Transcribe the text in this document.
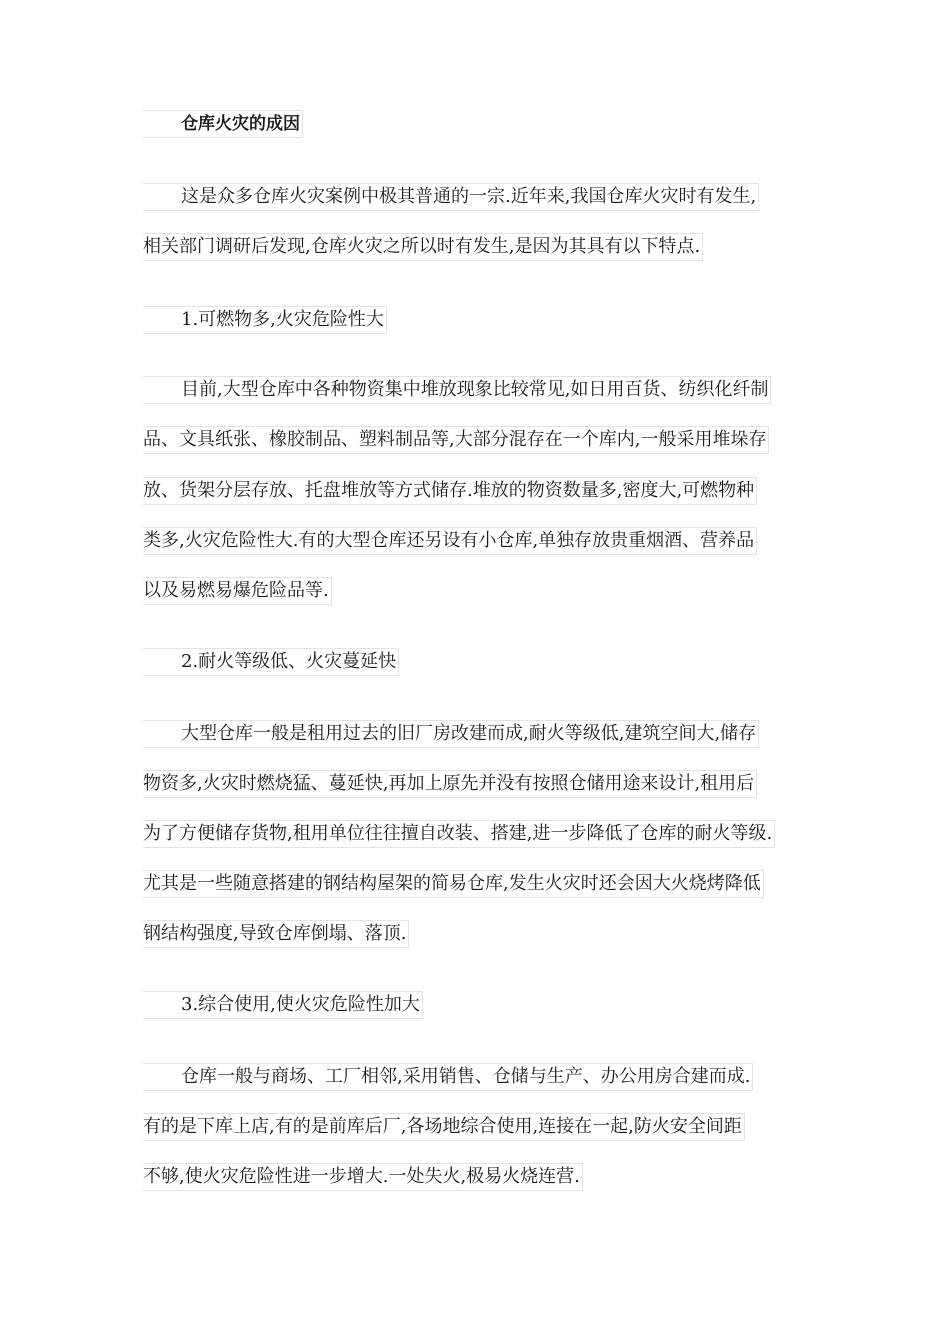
仓库火灾的成因
这是众多仓库火灾案例中极其普通的一宗.近年来,我国仓库火灾时有发生,
相关部门调研后发现,仓库火灾之所以时有发生,是因为其具有以下特点.
1.可燃物多,火灾危险性大
目前,大型仓库中各种物资集中堆放现象比较常见,如日用百货、纺织化纤制
品、文具纸张、橡胶制品、塑料制品等,大部分混存在一个库内,一般采用堆垛存
放、货架分层存放、托盘堆放等方式储存.堆放的物资数量多,密度大,可燃物种
类多,火灾危险性大.有的大型仓库还另设有小仓库,单独存放贵重烟酒、营养品
以及易燃易爆危险品等.
2.耐火等级低、火灾蔓延快
大型仓库一般是租用过去的旧厂房改建而成,耐火等级低,建筑空间大,储存
物资多,火灾时燃烧猛、蔓延快,再加上原先并没有按照仓储用途来设计,租用后
为了方便储存货物,租用单位往往擅自改装、搭建,进一步降低了仓库的耐火等级.
尤其是一些随意搭建的钢结构屋架的简易仓库,发生火灾时还会因大火烧烤降低
钢结构强度,导致仓库倒塌、落顶.
3.综合使用,使火灾危险性加大
仓库一般与商场、工厂相邻,采用销售、仓储与生产、办公用房合建而成.
有的是下库上店,有的是前库后厂,各场地综合使用,连接在一起,防火安全间距
不够,使火灾危险性进一步增大.一处失火,极易火烧连营.
